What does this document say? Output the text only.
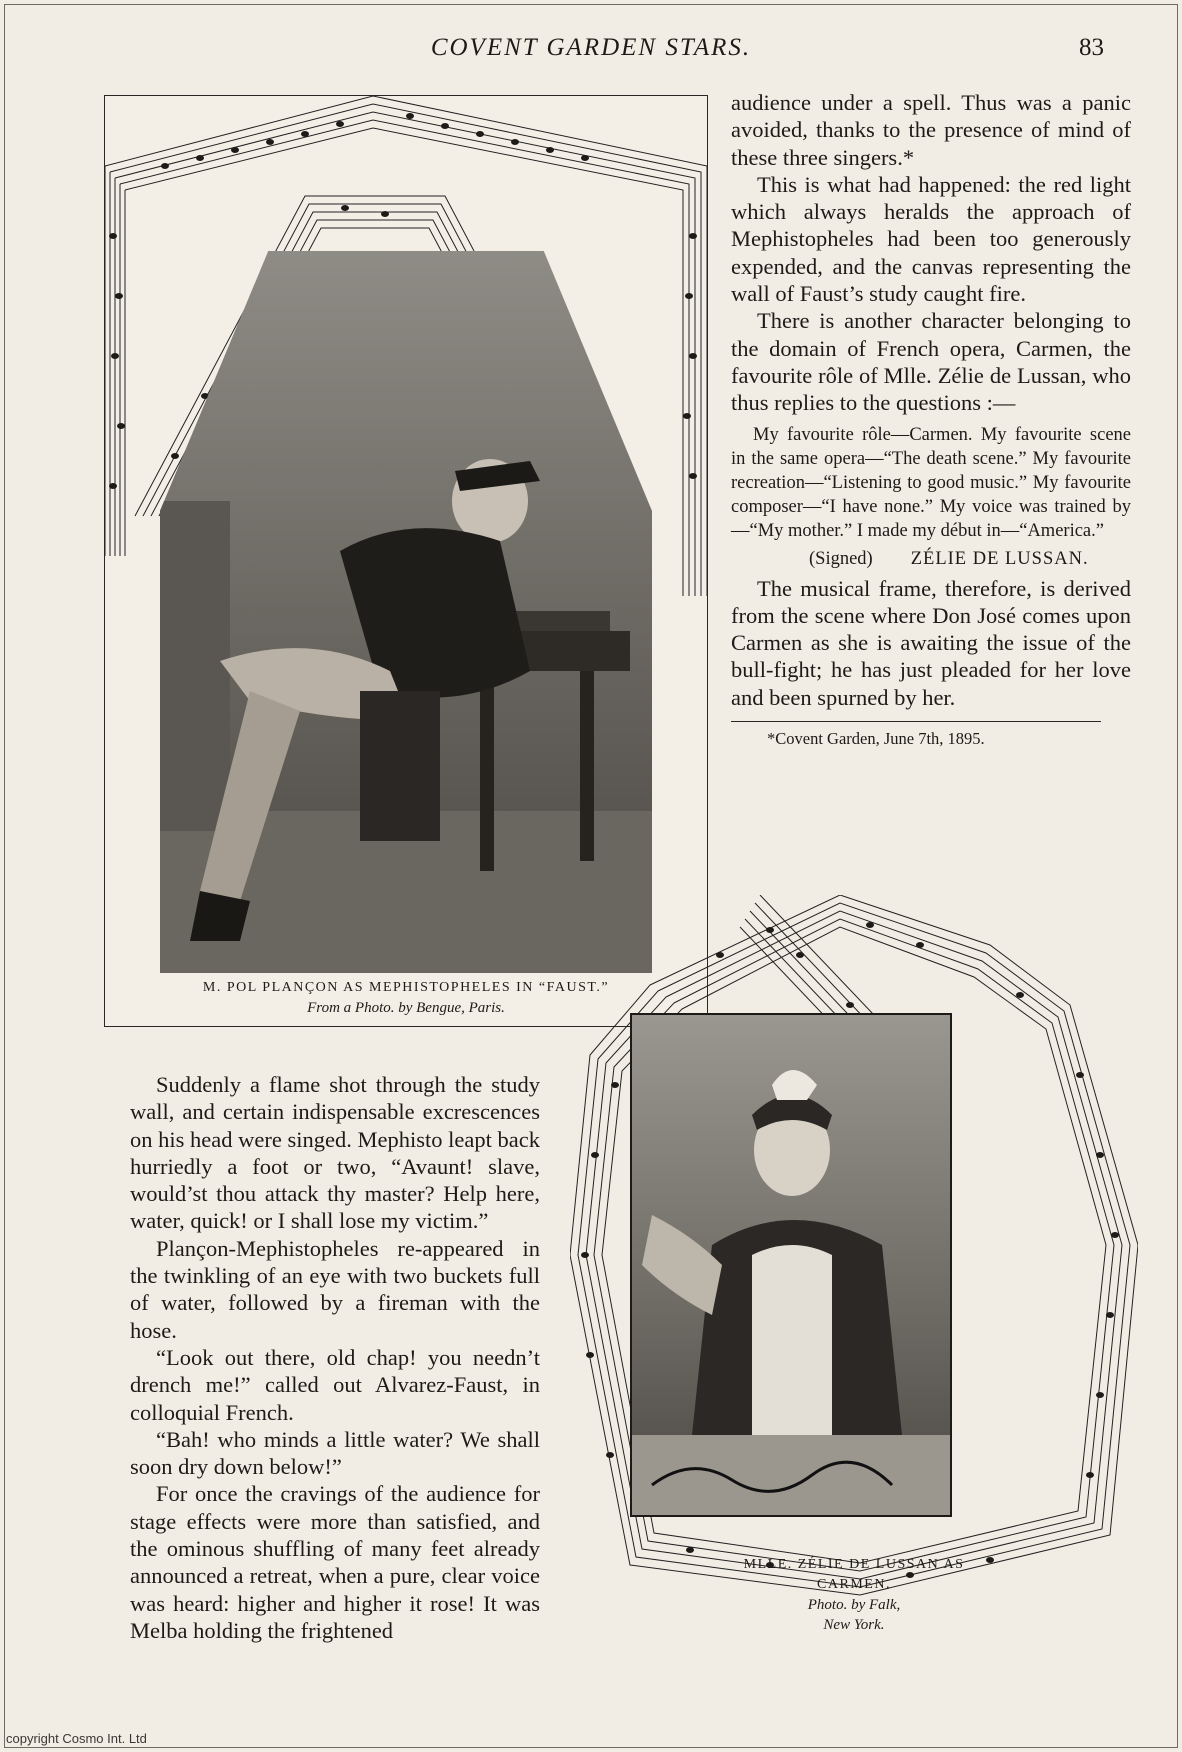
COVENT GARDEN STARS.	83
M. POL PLANÇON AS MEPHISTOPHELES IN “FAUST.”
From a Photo. by Bengue, Paris.

audience under a spell. Thus was a panic avoided, thanks to the presence of mind of these three singers.*

This is what had happened: the red light which always heralds the approach of Mephistopheles had been too generously expended, and the canvas representing the wall of Faust’s study caught fire.

There is another character belonging to the domain of French opera, Carmen, the favourite rôle of Mlle. Zélie de Lussan, who thus replies to the questions :—

My favourite rôle—Carmen. My favourite scene in the same opera—“The death scene.” My favourite recreation—“Listening to good music.” My favourite composer—“I have none.” My voice was trained by—“My mother.” I made my début in—“America.”

(Signed) ZÉLIE DE LUSSAN.

The musical frame, therefore, is derived from the scene where Don José comes upon Carmen as she is awaiting the issue of the bull-fight; he has just pleaded for her love and been spurned by her.

*Covent Garden, June 7th, 1895.
MLLE. ZÉLIE DE LUSSAN AS
CARMEN.
Photo. by Falk,
New York.

Suddenly a flame shot through the study wall, and certain indispensable excrescences on his head were singed. Mephisto leapt back hurriedly a foot or two, “Avaunt! slave, would’st thou attack thy master? Help here, water, quick! or I shall lose my victim.”

Plançon-Mephistopheles re-appeared in the twinkling of an eye with two buckets full of water, followed by a fireman with the hose.

“Look out there, old chap! you needn’t drench me!” called out Alvarez-Faust, in colloquial French.

“Bah! who minds a little water? We shall soon dry down below!”

For once the cravings of the audience for stage effects were more than satisfied, and the ominous shuffling of many feet already announced a retreat, when a pure, clear voice was heard: higher and higher it rose! It was Melba holding the frightened

copyright Cosmo Int. Ltd
